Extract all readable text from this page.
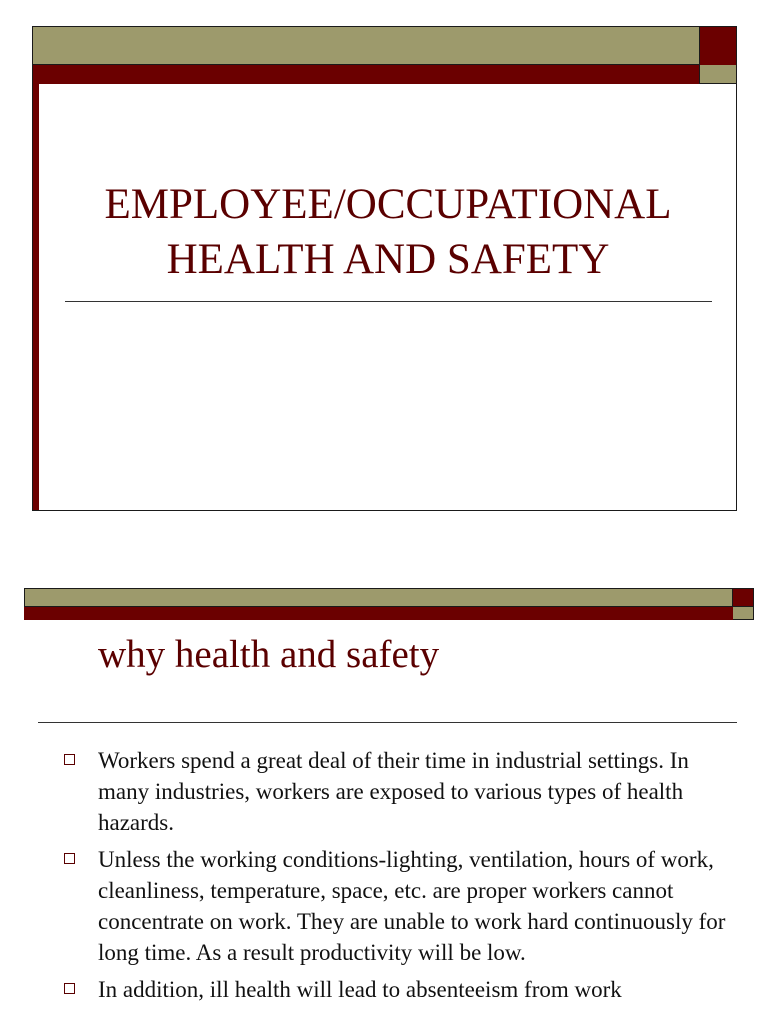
EMPLOYEE/OCCUPATIONAL
HEALTH AND SAFETY
why health and safety
Workers spend a great deal of their time in industrial settings. In many industries, workers are exposed to various types of health hazards.
Unless the working conditions-lighting, ventilation, hours of work, cleanliness, temperature, space, etc. are proper workers cannot concentrate on work. They are unable to work hard continuously for long time. As a result productivity will be low.
In addition, ill health will lead to absenteeism from work
